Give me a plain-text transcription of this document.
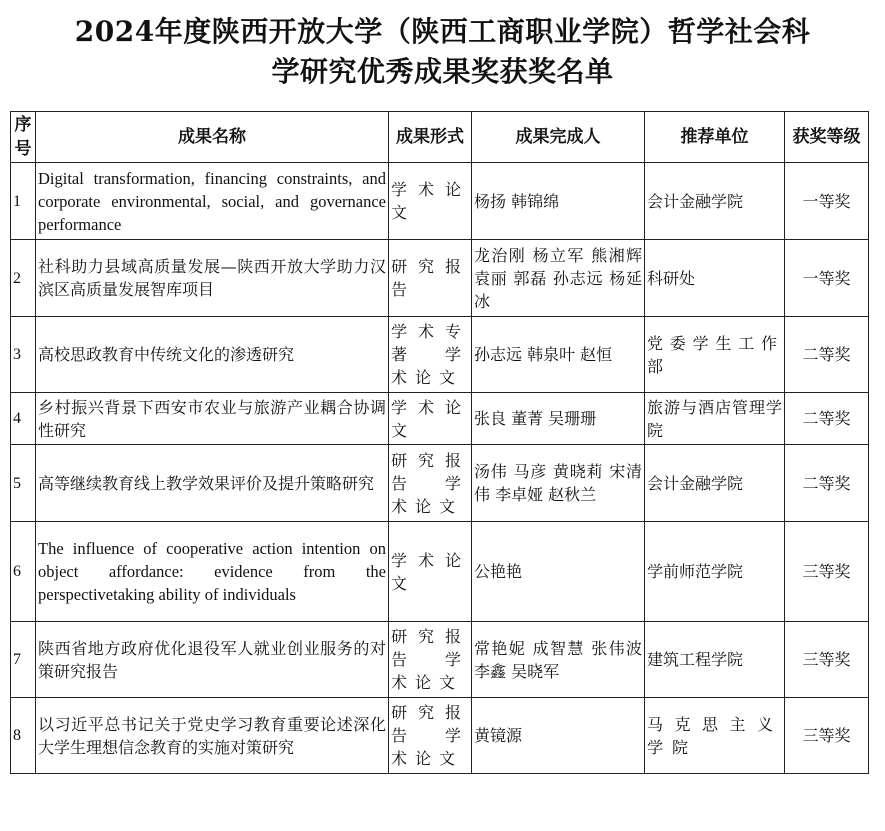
2024年度陕西开放大学（陕西工商职业学院）哲学社会科
学研究优秀成果奖获奖名单
序号	成果名称	成果形式	成果完成人	推荐单位	获奖等级
1	Digital transformation, financing constraints, and corporate environmental, social, and governance performance	学术论文	杨扬 韩锦绵	会计金融学院	一等奖
2	社科助力县域高质量发展—陕西开放大学助力汉滨区高质量发展智库项目	研究报告	龙治刚 杨立军 熊湘辉 袁丽 郭磊 孙志远 杨延冰	科研处	一等奖
3	高校思政教育中传统文化的渗透研究	学术专著 学术论文	孙志远 韩泉叶 赵恒	党委学生工作部	二等奖
4	乡村振兴背景下西安市农业与旅游产业耦合协调性研究	学术论文	张良 董菁 吴珊珊	旅游与酒店管理学院	二等奖
5	高等继续教育线上教学效果评价及提升策略研究	研究报告 学术论文	汤伟 马彦 黄晓莉 宋清伟 李卓娅 赵秋兰	会计金融学院	二等奖
6	The influence of cooperative action intention on object affordance: evidence from the perspectivetaking ability of individuals	学术论文	公艳艳	学前师范学院	三等奖
7	陕西省地方政府优化退役军人就业创业服务的对策研究报告	研究报告 学术论文	常艳妮 成智慧 张伟波 李鑫 吴晓军	建筑工程学院	三等奖
8	以习近平总书记关于党史学习教育重要论述深化大学生理想信念教育的实施对策研究	研究报告 学术论文	黄镜源	马克思主义学院	三等奖
